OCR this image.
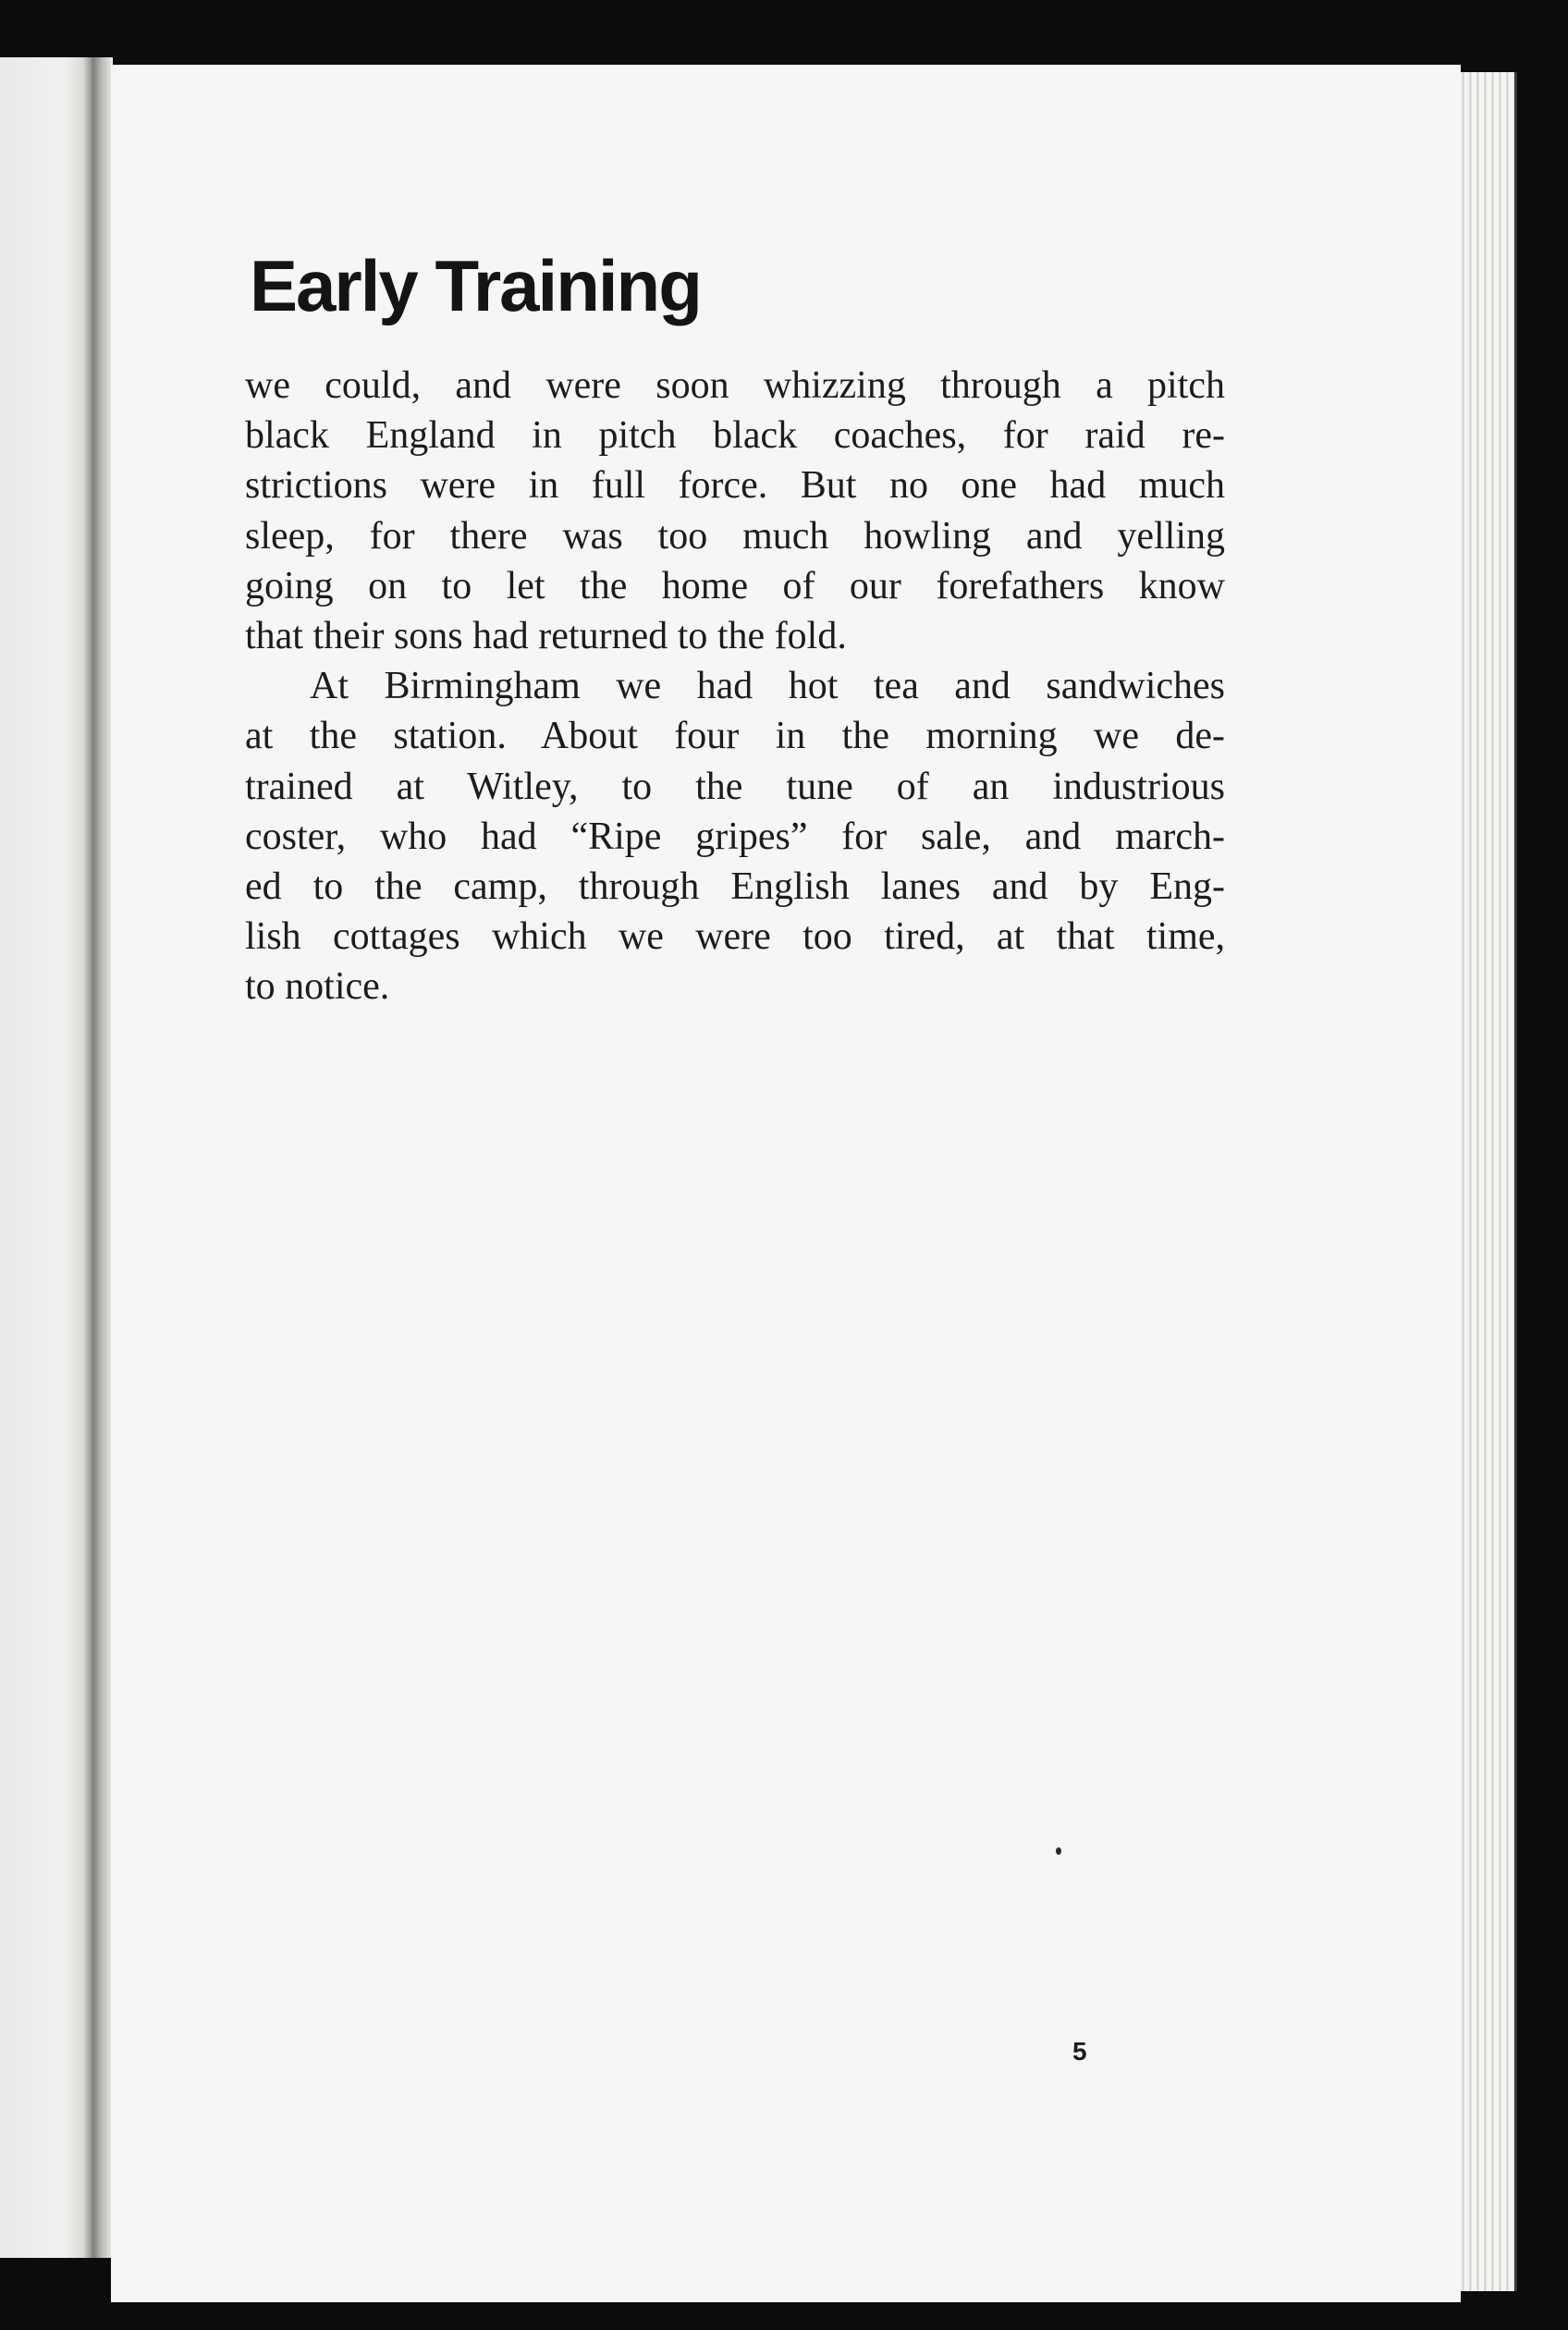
Early Training
we could, and were soon whizzing through a pitch
black England in pitch black coaches, for raid re-
strictions were in full force. But no one had much
sleep, for there was too much howling and yelling
going on to let the home of our forefathers know
that their sons had returned to the fold.
At Birmingham we had hot tea and sandwiches
at the station. About four in the morning we de-
trained at Witley, to the tune of an industrious
coster, who had “Ripe gripes” for sale, and march-
ed to the camp, through English lanes and by Eng-
lish cottages which we were too tired, at that time,
to notice.
5
